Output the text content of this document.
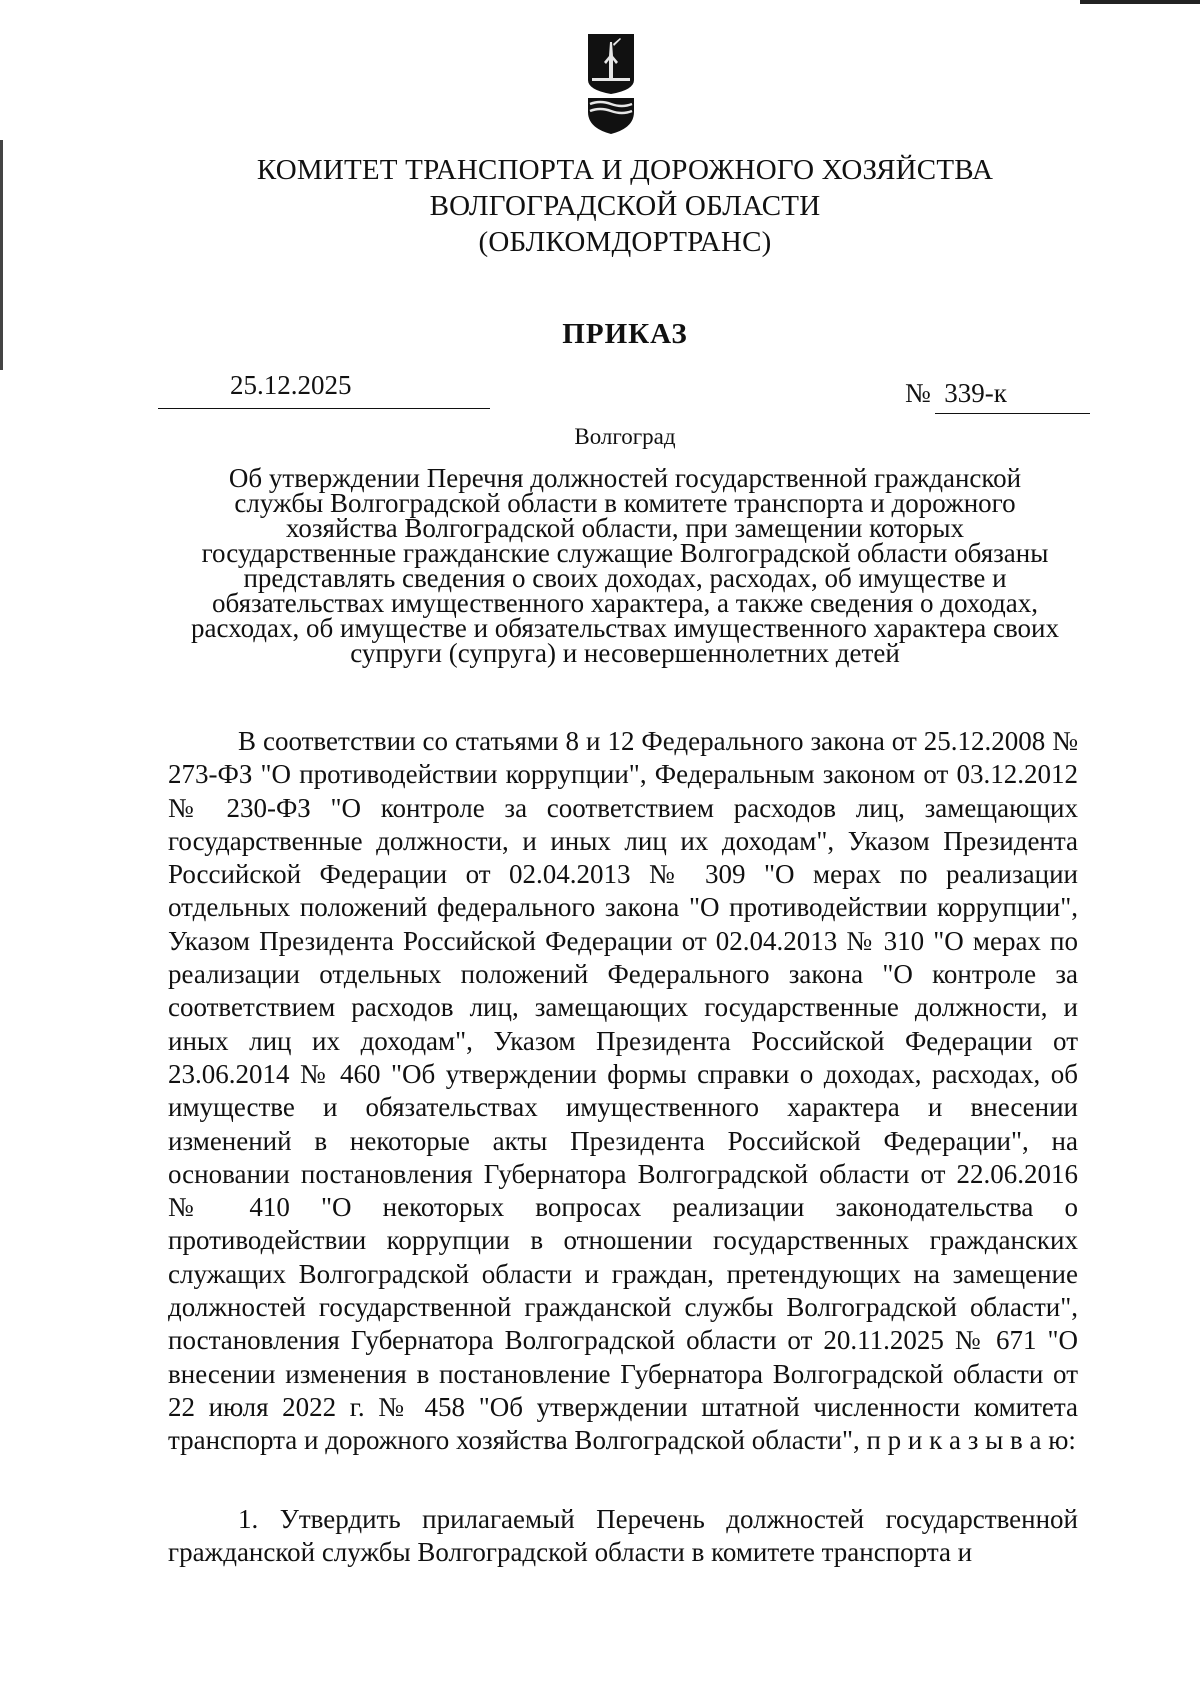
КОМИТЕТ ТРАНСПОРТА И ДОРОЖНОГО ХОЗЯЙСТВА
ВОЛГОГРАДСКОЙ ОБЛАСТИ
(ОБЛКОМДОРТРАНС)
ПРИКАЗ
25.12.2025	№ 339-к
Волгоград
Об утверждении Перечня должностей государственной гражданской
службы Волгоградской области в комитете транспорта и дорожного
хозяйства Волгоградской области, при замещении которых
государственные гражданские служащие Волгоградской области обязаны
представлять сведения о своих доходах, расходах, об имуществе и
обязательствах имущественного характера, а также сведения о доходах,
расходах, об имуществе и обязательствах имущественного характера своих
супруги (супруга) и несовершеннолетних детей

В соответствии со статьями 8 и 12 Федерального закона от 25.12.2008 № 273-ФЗ "О противодействии коррупции", Федеральным законом от 03.12.2012 № 230-ФЗ "О контроле за соответствием расходов лиц, замещающих государственные должности, и иных лиц их доходам", Указом Президента Российской Федерации от 02.04.2013 № 309 "О мерах по реализации отдельных положений федерального закона "О противодействии коррупции", Указом Президента Российской Федерации от 02.04.2013 № 310 "О мерах по реализации отдельных положений Федерального закона "О контроле за соответствием расходов лиц, замещающих государственные должности, и иных лиц их доходам", Указом Президента Российской Федерации от 23.06.2014 № 460 "Об утверждении формы справки о доходах, расходах, об имуществе и обязательствах имущественного характера и внесении изменений в некоторые акты Президента Российской Федерации", на основании постановления Губернатора Волгоградской области от 22.06.2016 № 410 "О некоторых вопросах реализации законодательства о противодействии коррупции в отношении государственных гражданских служащих Волгоградской области и граждан, претендующих на замещение должностей государственной гражданской службы Волгоградской области", постановления Губернатора Волгоградской области от 20.11.2025 № 671 "О внесении изменения в постановление Губернатора Волгоградской области от 22 июля 2022 г. № 458 "Об утверждении штатной численности комитета транспорта и дорожного хозяйства Волгоградской области", п р и к а з ы в а ю:

1. Утвердить прилагаемый Перечень должностей государственной гражданской службы Волгоградской области в комитете транспорта и
